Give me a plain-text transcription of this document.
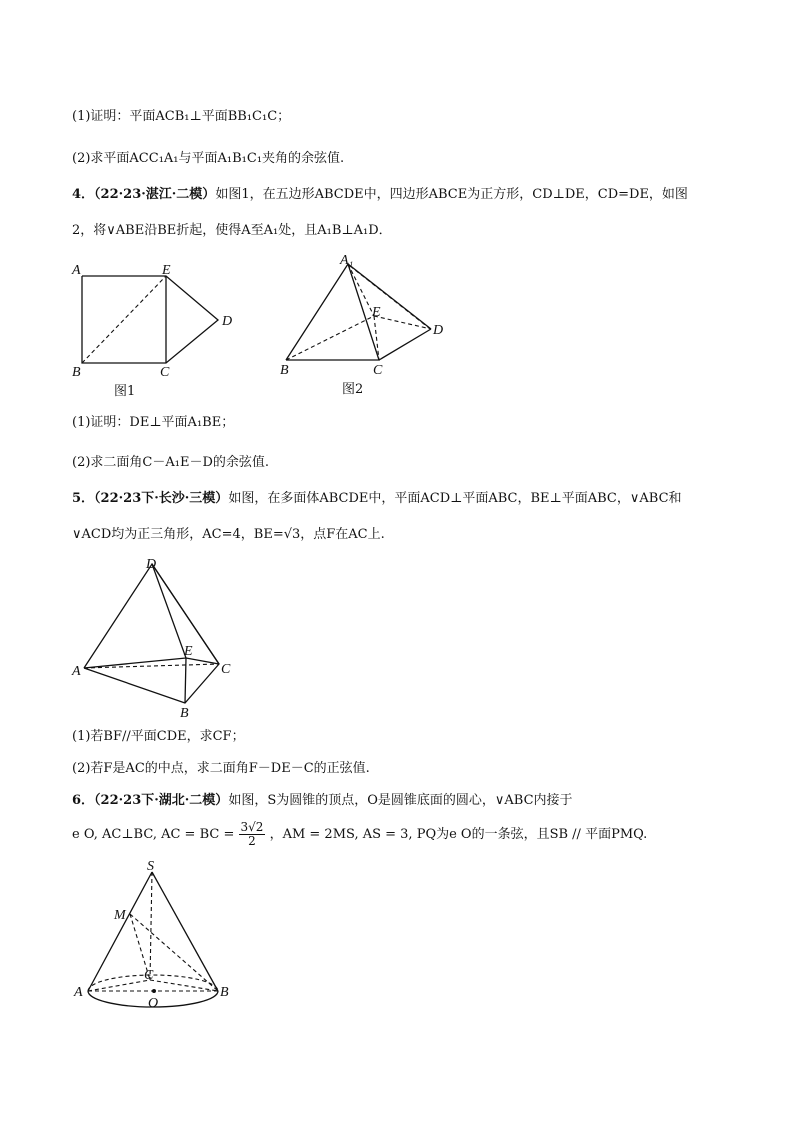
(1)证明：平面ACB₁⊥平面BB₁C₁C；
(2)求平面ACC₁A₁与平面A₁B₁C₁夹角的余弦值.
4．（22·23·湛江·二模）如图1，在五边形ABCDE中，四边形ABCE为正方形，CD⊥DE，CD=DE，如图
2，将∨ABE沿BE折起，使得A至A₁处，且A₁B⊥A₁D．
A	E
D
B	C
图1
A₁
E
D
B	C
图2
(1)证明：DE⊥平面A₁BE；
(2)求二面角C－A₁E－D的余弦值.
5．（22·23下·长沙·三模）如图，在多面体ABCDE中，平面ACD⊥平面ABC，BE⊥平面ABC，∨ABC和
∨ACD均为正三角形，AC=4，BE=√3，点F在AC上.
D
E
A	C
B
(1)若BF//平面CDE，求CF；
(2)若F是AC的中点，求二面角F－DE－C的正弦值.
6．（22·23下·湖北·二模）如图，S为圆锥的顶点，O是圆锥底面的圆心，∨ABC内接于
e O, AC⊥BC, AC = BC = $\frac{3√2}{2}$ ，AM = 2MS, AS = 3, PQ为e O的一条弦，且SB // 平面PMQ.
S
M
C
A
O
B
